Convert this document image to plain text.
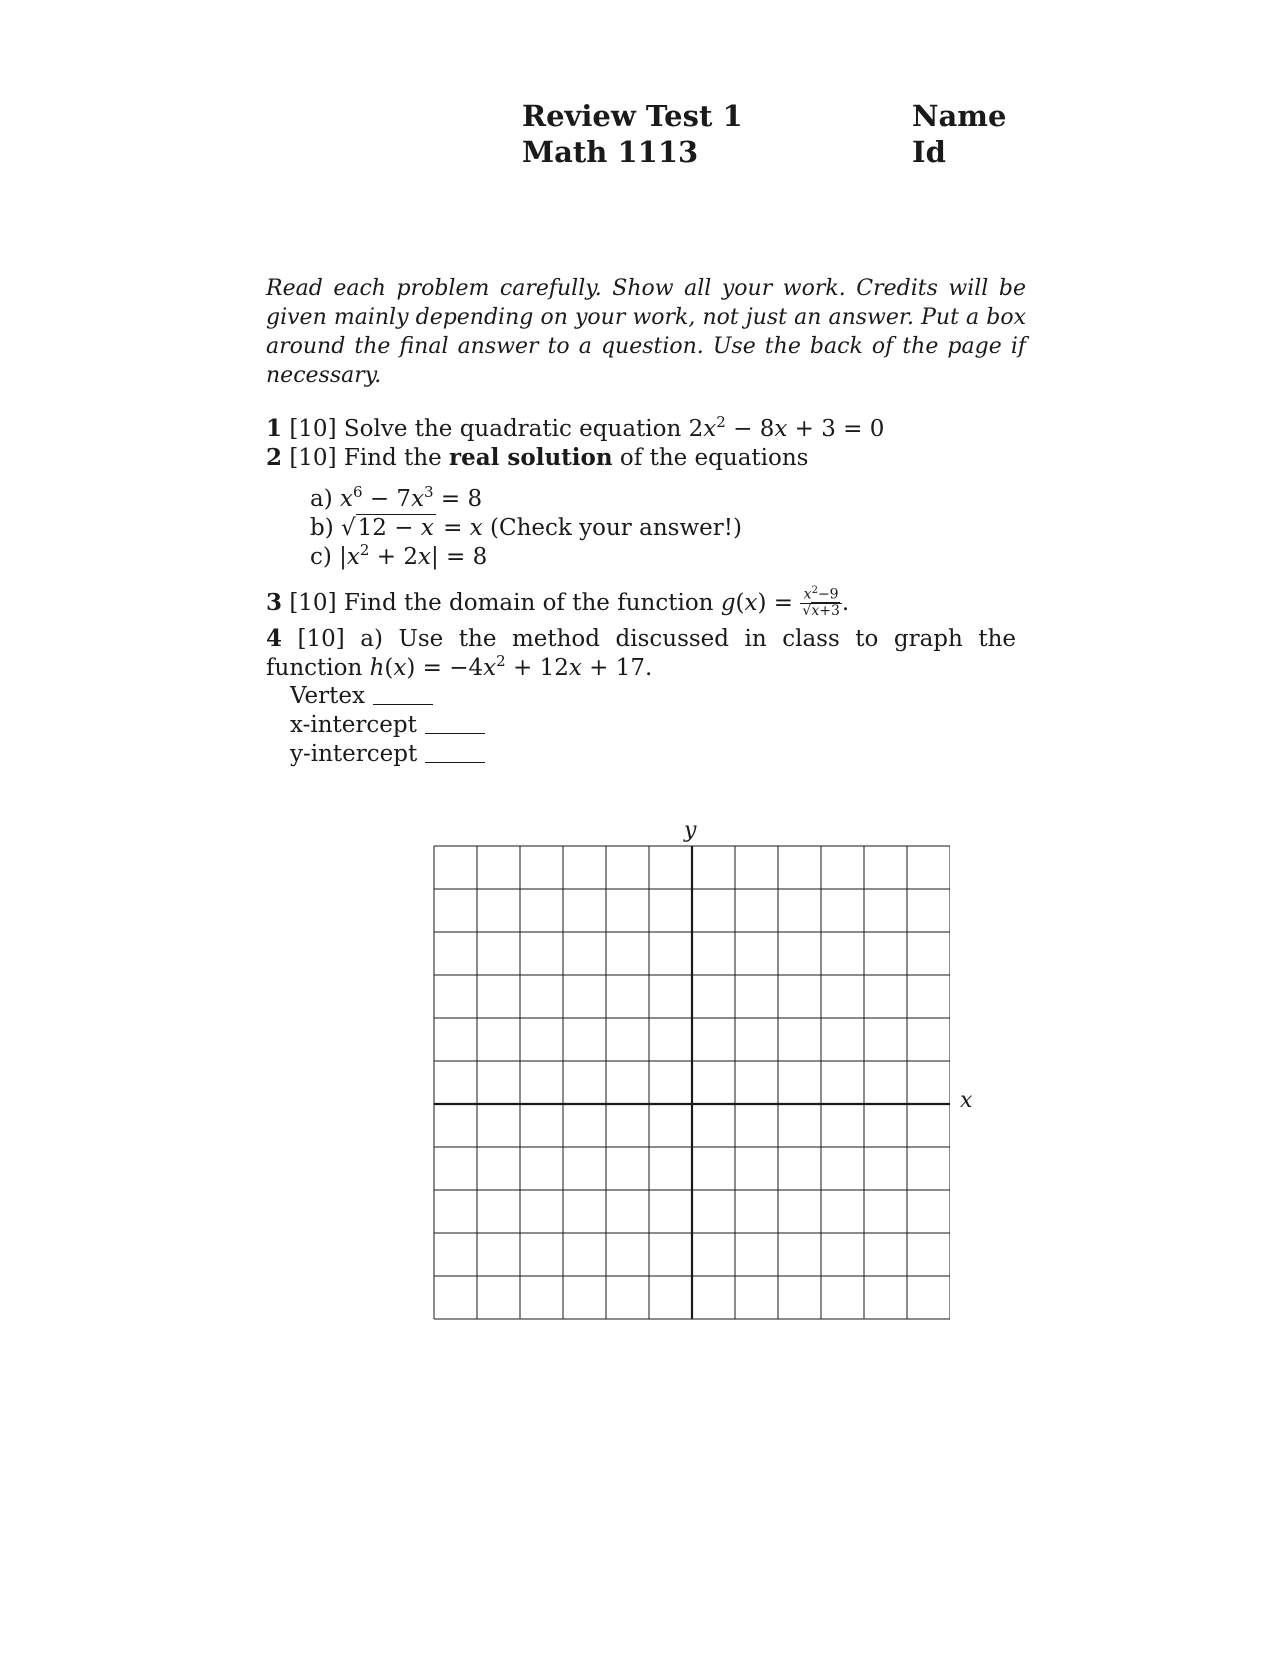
Review Test 1
Math 1113
Name
Id
Read each problem carefully. Show all your work. Credits will be given mainly depending on your work, not just an answer. Put a box around the final answer to a question. Use the back of the page if necessary.
1 [10] Solve the quadratic equation $2x^2 - 8x + 3 = 0$
2 [10] Find the real solution of the equations
a) $x^6 - 7x^3 = 8$
b) √12 − x = x (Check your answer!)
c) $|x^2 + 2x| = 8$
3 [10] Find the domain of the function $g(x) = \frac{x^2-9}{√x+3}$ .
4 [10] a) Use the method discussed in class to graph the function $h(x) = -4x^2 + 12x + 17$.
Vertex
x-intercept
y-intercept
y
x
